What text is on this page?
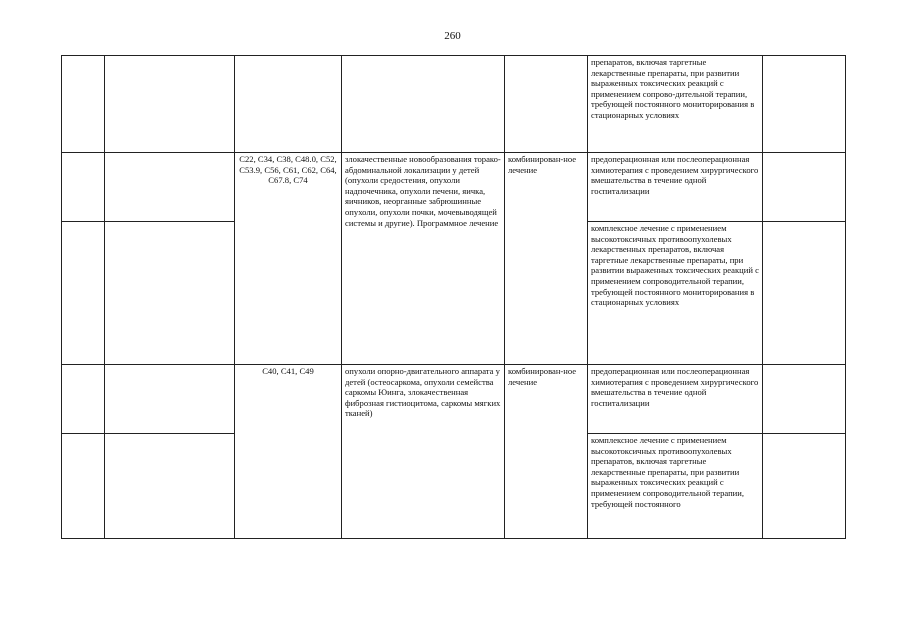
260
					препаратов, включая таргетные лекарственные препараты, при развитии выраженных токсических реакций с применением сопрово-дительной терапии, требующей постоянного мониторирования в стационарных условиях	
		C22, C34, C38, C48.0, C52, C53.9, C56, C61, C62, C64, C67.8, C74	злокачественные новообразования торако-абдоминальной локализации у детей (опухоли средостения, опухоли надпочечника, опухоли печени, яичка, яичников, неорганные забрюшинные опухоли, опухоли почки, мочевыводящей системы и другие). Программное лечение	комбинирован-ное лечение	предоперационная или послеоперационная химиотерапия с проведением хирургического вмешательства в течение одной госпитализации	
					комплексное лечение с применением высокотоксичных противоопухолевых лекарственных препаратов, включая таргетные лекарственные препараты, при развитии выраженных токсических реакций с применением сопроводительной терапии, требующей постоянного мониторирования в стационарных условиях	
		C40, C41, C49	опухоли опорно-двигательного аппарата у детей (остеосаркома, опухоли семейства саркомы Юинга, злокачественная фиброзная гистиоцитома, саркомы мягких тканей)	комбинирован-ное лечение	предоперационная или послеоперационная химиотерапия с проведением хирургического вмешательства в течение одной госпитализации	
					комплексное лечение с применением высокотоксичных противоопухолевых препаратов, включая таргетные лекарственные препараты, при развитии выраженных токсических реакций с применением сопроводительной терапии, требующей постоянного	
